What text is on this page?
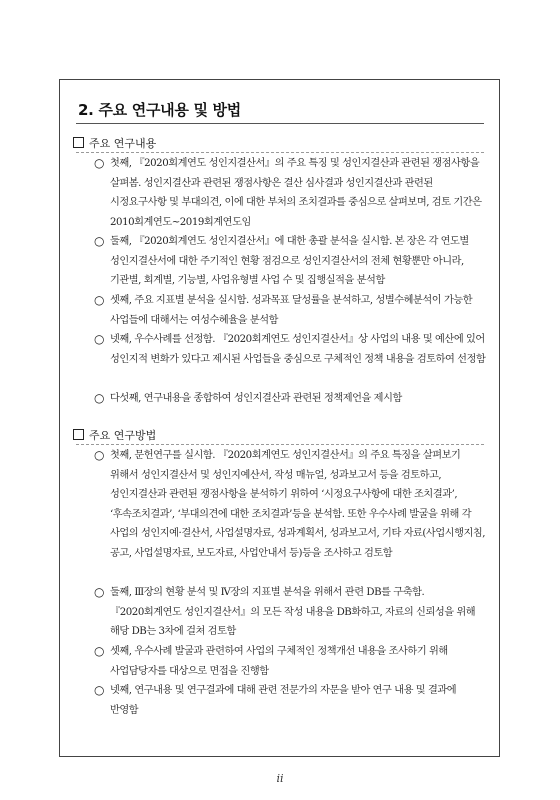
2. 주요 연구내용 및 방법
주요 연구내용
○ 첫째, 『2020회계연도 성인지결산서』의 주요 특징 및 성인지결산과 관련된 쟁점사항을 살펴봄. 성인지결산과 관련된 쟁점사항은 결산 심사결과 성인지결산과 관련된 시정요구사항 및 부대의견, 이에 대한 부처의 조치결과를 중심으로 살펴보며, 검토 기간은 2010회계연도~2019회계연도임
○ 둘째, 『2020회계연도 성인지결산서』에 대한 총괄 분석을 실시함. 본 장은 각 연도별 성인지결산서에 대한 주기적인 현황 점검으로 성인지결산서의 전체 현황뿐만 아니라, 기관별, 회계별, 기능별, 사업유형별 사업 수 및 집행실적을 분석함
○ 셋째, 주요 지표별 분석을 실시함. 성과목표 달성률을 분석하고, 성별수혜분석이 가능한 사업들에 대해서는 여성수혜율을 분석함
○ 넷째, 우수사례를 선정함. 『2020회계연도 성인지결산서』상 사업의 내용 및 예산에 있어 성인지적 변화가 있다고 제시된 사업들을 중심으로 구체적인 정책 내용을 검토하여 선정함
○ 다섯째, 연구내용을 종합하여 성인지결산과 관련된 정책제언을 제시함
주요 연구방법
○ 첫째, 문헌연구를 실시함. 『2020회계연도 성인지결산서』의 주요 특징을 살펴보기 위해서 성인지결산서 및 성인지예산서, 작성 매뉴얼, 성과보고서 등을 검토하고, 성인지결산과 관련된 쟁점사항을 분석하기 위하여 ‘시정요구사항에 대한 조치결과’, ‘후속조치결과’, ‘부대의견에 대한 조치결과’등을 분석함. 또한 우수사례 발굴을 위해 각 사업의 성인지예·결산서, 사업설명자료, 성과계획서, 성과보고서, 기타 자료(사업시행지침, 공고, 사업설명자료, 보도자료, 사업안내서 등)등을 조사하고 검토함
○ 둘째, Ⅲ장의 현황 분석 및 Ⅳ장의 지표별 분석을 위해서 관련 DB를 구축함. 『2020회계연도 성인지결산서』의 모든 작성 내용을 DB화하고, 자료의 신뢰성을 위해 해당 DB는 3차에 걸쳐 검토함
○ 셋째, 우수사례 발굴과 관련하여 사업의 구체적인 정책개선 내용을 조사하기 위해 사업담당자를 대상으로 면접을 진행함
○ 넷째, 연구내용 및 연구결과에 대해 관련 전문가의 자문을 받아 연구 내용 및 결과에 반영함
ii
